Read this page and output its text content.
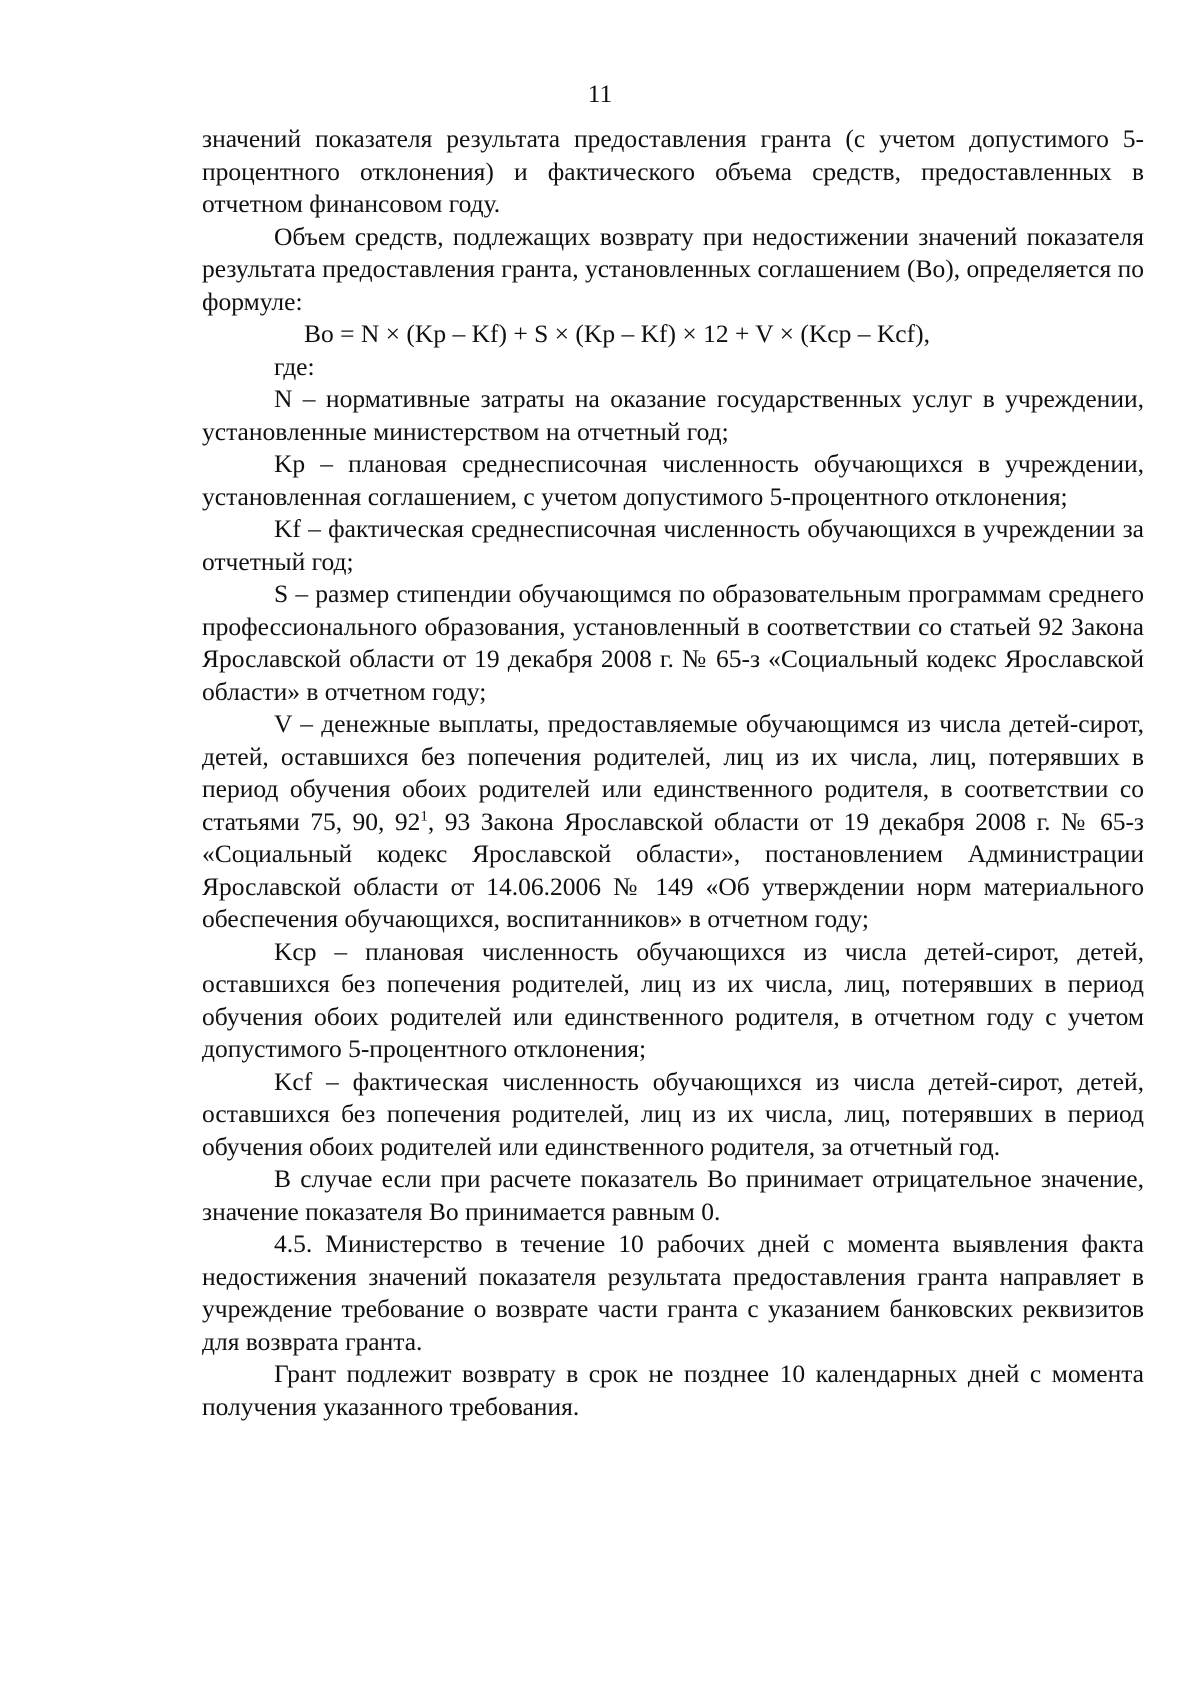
11

значений показателя результата предоставления гранта (с учетом допустимого 5-процентного отклонения) и фактического объема средств, предоставленных в отчетном финансовом году.

Объем средств, подлежащих возврату при недостижении значений показателя результата предоставления гранта, установленных соглашением (Во), определяется по формуле:

Во = N × (Kp – Kf) + S × (Kp – Kf) × 12 + V × (Kcp – Kcf),

где:

N – нормативные затраты на оказание государственных услуг в учреждении, установленные министерством на отчетный год;

Kp – плановая среднесписочная численность обучающихся в учреждении, установленная соглашением, с учетом допустимого 5-процентного отклонения;

Kf – фактическая среднесписочная численность обучающихся в учреждении за отчетный год;

S – размер стипендии обучающимся по образовательным программам среднего профессионального образования, установленный в соответствии со статьей 92 Закона Ярославской области от 19 декабря 2008 г. № 65-з «Социальный кодекс Ярославской области» в отчетном году;

V – денежные выплаты, предоставляемые обучающимся из числа детей-сирот, детей, оставшихся без попечения родителей, лиц из их числа, лиц, потерявших в период обучения обоих родителей или единственного родителя, в соответствии со статьями 75, 90, $92^1$, 93 Закона Ярославской области от 19 декабря 2008 г. № 65-з «Социальный кодекс Ярославской области», постановлением Администрации Ярославской области от 14.06.2006 № 149 «Об утверждении норм материального обеспечения обучающихся, воспитанников» в отчетном году;

Kcp – плановая численность обучающихся из числа детей-сирот, детей, оставшихся без попечения родителей, лиц из их числа, лиц, потерявших в период обучения обоих родителей или единственного родителя, в отчетном году с учетом допустимого 5-процентного отклонения;

Kcf – фактическая численность обучающихся из числа детей-сирот, детей, оставшихся без попечения родителей, лиц из их числа, лиц, потерявших в период обучения обоих родителей или единственного родителя, за отчетный год.

В случае если при расчете показатель Во принимает отрицательное значение, значение показателя Во принимается равным 0.

4.5. Министерство в течение 10 рабочих дней с момента выявления факта недостижения значений показателя результата предоставления гранта направляет в учреждение требование о возврате части гранта с указанием банковских реквизитов для возврата гранта.

Грант подлежит возврату в срок не позднее 10 календарных дней с момента получения указанного требования.
